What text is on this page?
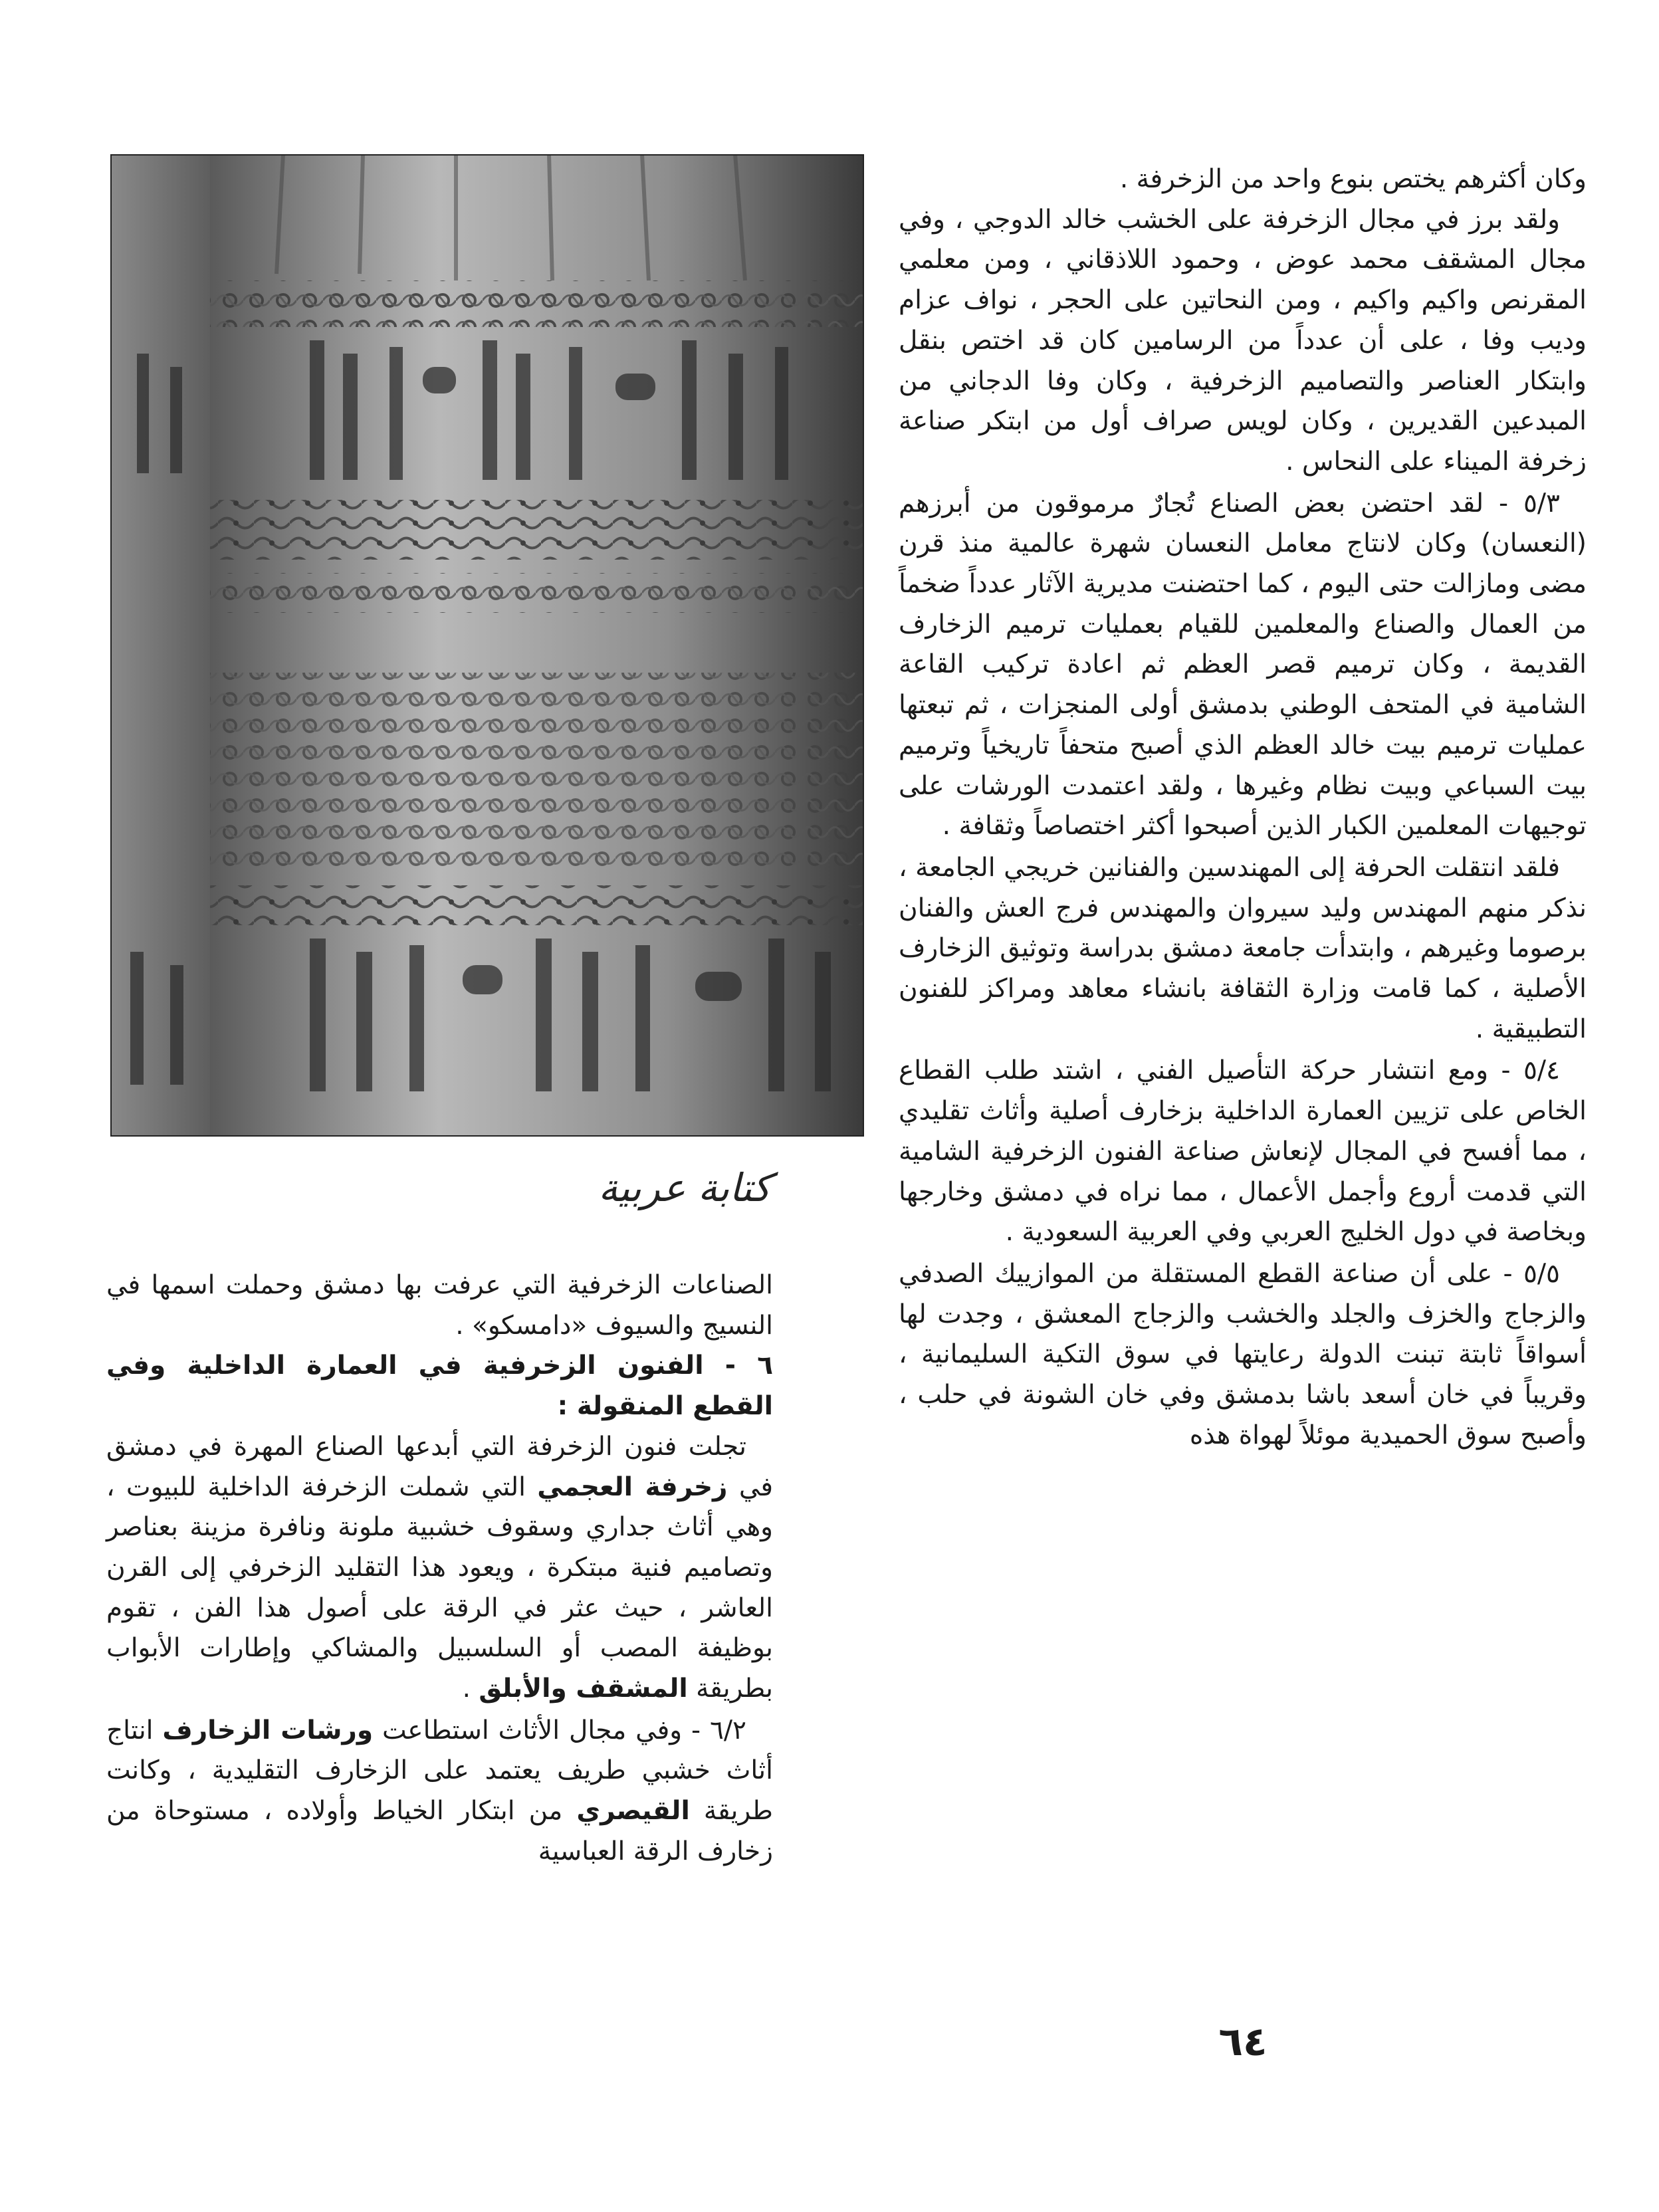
كتابة عربية

وكان أكثرهم يختص بنوع واحد من الزخرفة .

ولقد برز في مجال الزخرفة على الخشب خالد الدوجي ، وفي مجال المشقف محمد عوض ، وحمود اللاذقاني ، ومن معلمي المقرنص واكيم واكيم ، ومن النحاتين على الحجر ، نواف عزام وديب وفا ، على أن عدداً من الرسامين كان قد اختص بنقل وابتكار العناصر والتصاميم الزخرفية ، وكان وفا الدجاني من المبدعين القديرين ، وكان لويس صراف أول من ابتكر صناعة زخرفة الميناء على النحاس .

٥/٣ - لقد احتضن بعض الصناع تُجارٌ مرموقون من أبرزهم (النعسان) وكان لانتاج معامل النعسان شهرة عالمية منذ قرن مضى ومازالت حتى اليوم ، كما احتضنت مديرية الآثار عدداً ضخماً من العمال والصناع والمعلمين للقيام بعمليات ترميم الزخارف القديمة ، وكان ترميم قصر العظم ثم اعادة تركيب القاعة الشامية في المتحف الوطني بدمشق أولى المنجزات ، ثم تبعتها عمليات ترميم بيت خالد العظم الذي أصبح متحفاً تاريخياً وترميم بيت السباعي وبيت نظام وغيرها ، ولقد اعتمدت الورشات على توجيهات المعلمين الكبار الذين أصبحوا أكثر اختصاصاً وثقافة .

فلقد انتقلت الحرفة إلى المهندسين والفنانين خريجي الجامعة ، نذكر منهم المهندس وليد سيروان والمهندس فرج العش والفنان برصوما وغيرهم ، وابتدأت جامعة دمشق بدراسة وتوثيق الزخارف الأصلية ، كما قامت وزارة الثقافة بانشاء معاهد ومراكز للفنون التطبيقية .

٥/٤ - ومع انتشار حركة التأصيل الفني ، اشتد طلب القطاع الخاص على تزيين العمارة الداخلية بزخارف أصلية وأثاث تقليدي ، مما أفسح في المجال لإنعاش صناعة الفنون الزخرفية الشامية التي قدمت أروع وأجمل الأعمال ، مما نراه في دمشق وخارجها وبخاصة في دول الخليج العربي وفي العربية السعودية .

٥/٥ - على أن صناعة القطع المستقلة من الموازييك الصدفي والزجاج والخزف والجلد والخشب والزجاج المعشق ، وجدت لها أسواقاً ثابتة تبنت الدولة رعايتها في سوق التكية السليمانية ، وقريباً في خان أسعد باشا بدمشق وفي خان الشونة في حلب ، وأصبح سوق الحميدية موئلاً لهواة هذه

الصناعات الزخرفية التي عرفت بها دمشق وحملت اسمها في النسيج والسيوف «دامسكو» .

٦ - الفنون الزخرفية في العمارة الداخلية وفي القطع المنقولة :

تجلت فنون الزخرفة التي أبدعها الصناع المهرة في دمشق في زخرفة العجمي التي شملت الزخرفة الداخلية للبيوت ، وهي أثاث جداري وسقوف خشبية ملونة ونافرة مزينة بعناصر وتصاميم فنية مبتكرة ، ويعود هذا التقليد الزخرفي إلى القرن العاشر ، حيث عثر في الرقة على أصول هذا الفن ، تقوم بوظيفة المصب أو السلسبيل والمشاكي وإطارات الأبواب بطريقة المشقف والأبلق .

٦/٢ - وفي مجال الأثاث استطاعت ورشات الزخارف انتاج أثاث خشبي طريف يعتمد على الزخارف التقليدية ، وكانت طريقة القيصري من ابتكار الخياط وأولاده ، مستوحاة من زخارف الرقة العباسية

٦٤
